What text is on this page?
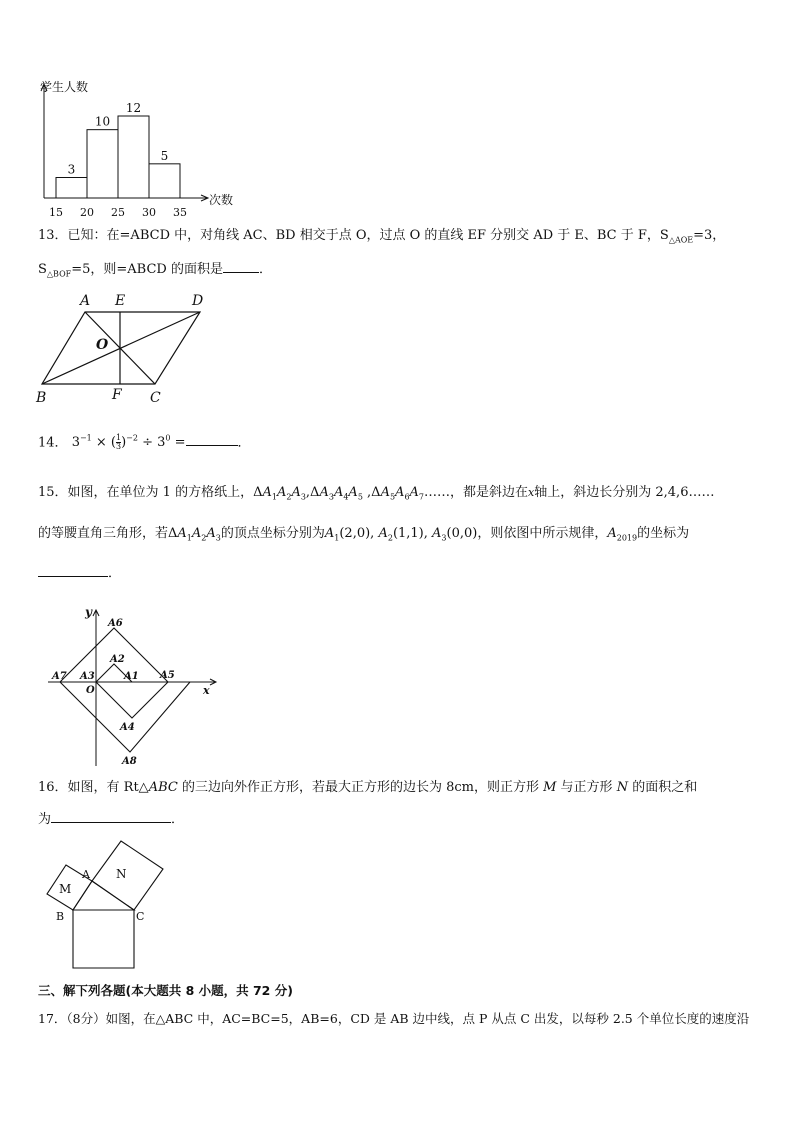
学生人数
次数
3
10
12
5
15 20 25 30 35
13．已知：在=ABCD 中，对角线 AC、BD 相交于点 O，过点 O 的直线 EF 分别交 AD 于 E、BC 于 F，$S_{\triangle AOE}=3$，
$S_{\triangle BOF}=5$，则=ABCD 的面积是	．
A E	D
O
B	F C
14． $3^{-1}$ × ( $\frac{1}{3} )^{-2} \div 3^0$ =	．
15．如图，在单位为 1 的方格纸上，$\Delta A_1A_2A_3,\Delta A_3A_4A_5$ $,\Delta A_5A_6A_7\dots\dots$，都是斜边在x轴上，斜边长分别为 2,4,6……
的等腰直角三角形，若$\Delta A_1A_2A_3$的顶点坐标分别为$A_1(2,0)$, $A_2(1,1)$, $A_3(0,0)$，则依图中所示规律，$A_{2019}$的坐标为
．
y
x
O
A1
A2
A3
A4
A5
A6
A7
A8
16．如图，有 Rt△ABC 的三边向外作正方形，若最大正方形的边长为 8cm，则正方形 M 与正方形 N 的面积之和
为	．
A
B	C
M
N
三、解下列各题(本大题共 8 小题，共 72 分)
17．（8分）如图，在△ABC 中，AC=BC=5，AB=6，CD 是 AB 边中线，点 P 从点 C 出发，以每秒 2.5 个单位长度的速度沿
